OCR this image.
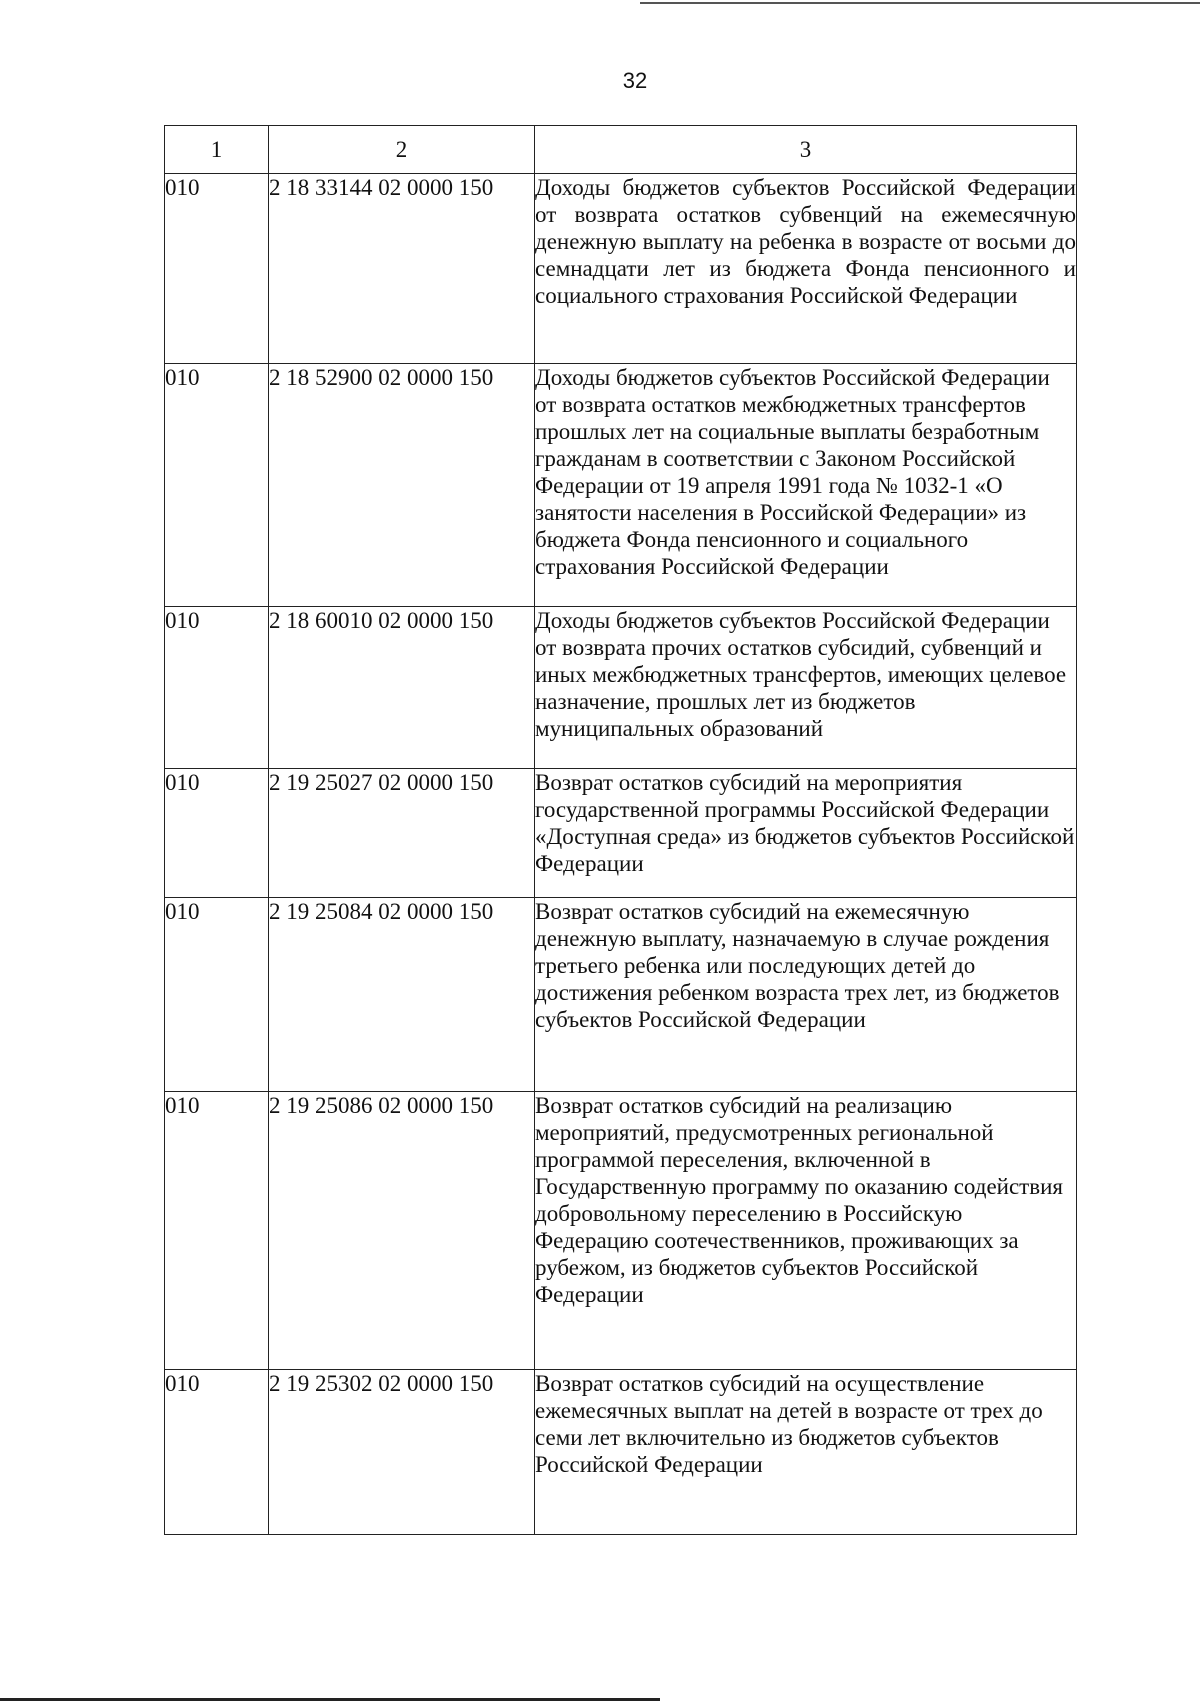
32
1	2	3
010	2 18 33144 02 0000 150	Доходы бюджетов субъектов Российской Федерации от возврата остатков субвенций на ежемесячную денежную выплату на ребенка в возрасте от восьми до семнадцати лет из бюджета Фонда пенсионного и социального страхования Российской Федерации
010	2 18 52900 02 0000 150	Доходы бюджетов субъектов Российской Федерации от возврата остатков межбюджетных трансфертов прошлых лет на социальные выплаты безработным гражданам в соответствии с Законом Российской Федерации от 19 апреля 1991 года № 1032-1 «О занятости населения в Российской Федерации» из бюджета Фонда пенсионного и социального страхования Российской Федерации
010	2 18 60010 02 0000 150	Доходы бюджетов субъектов Российской Федерации от возврата прочих остатков субсидий, субвенций и иных межбюджетных трансфертов, имеющих целевое назначение, прошлых лет из бюджетов муниципальных образований
010	2 19 25027 02 0000 150	Возврат остатков субсидий на мероприятия государственной программы Российской Федерации «Доступная среда» из бюджетов субъектов Российской Федерации
010	2 19 25084 02 0000 150	Возврат остатков субсидий на ежемесячную денежную выплату, назначаемую в случае рождения третьего ребенка или последующих детей до достижения ребенком возраста трех лет, из бюджетов субъектов Российской Федерации
010	2 19 25086 02 0000 150	Возврат остатков субсидий на реализацию мероприятий, предусмотренных региональной программой переселения, включенной в Государственную программу по оказанию содействия добровольному переселению в Российскую Федерацию соотечественников, проживающих за рубежом, из бюджетов субъектов Российской Федерации
010	2 19 25302 02 0000 150	Возврат остатков субсидий на осуществление ежемесячных выплат на детей в возрасте от трех до семи лет включительно из бюджетов субъектов Российской Федерации
